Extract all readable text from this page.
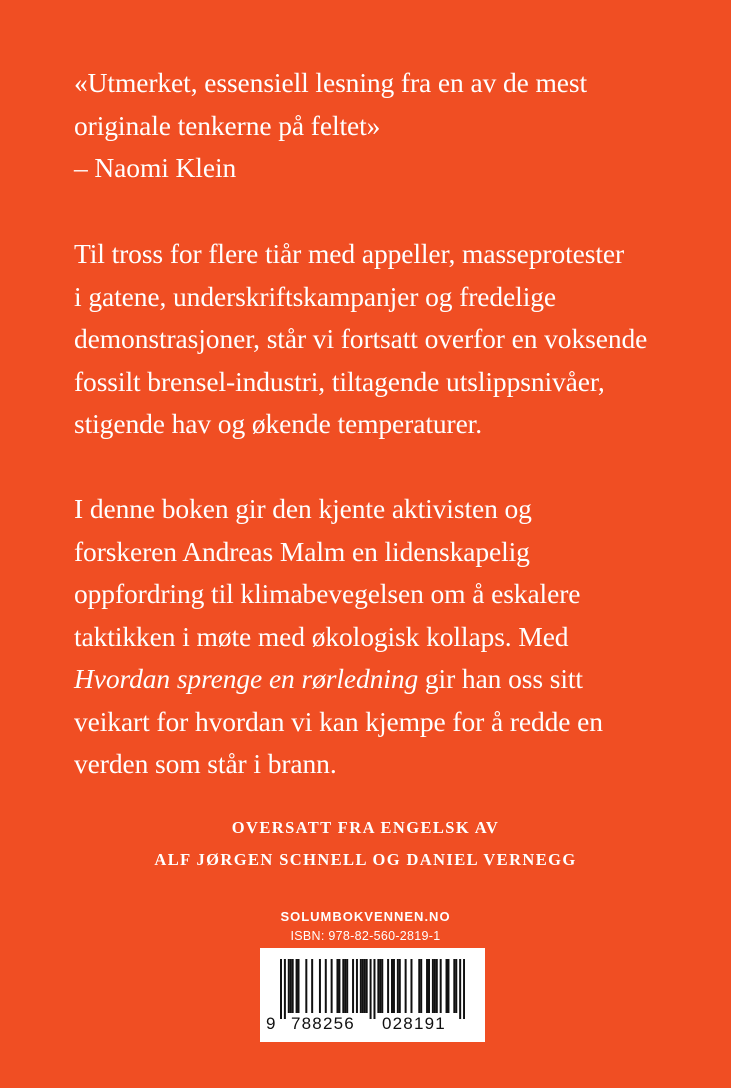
«Utmerket, essensiell lesning fra en av de mest
originale tenkerne på feltet»
– Naomi Klein
Til tross for flere tiår med appeller, masseprotester
i gatene, underskriftskampanjer og fredelige
demonstrasjoner, står vi fortsatt overfor en voksende
fossilt brensel-industri, tiltagende utslippsnivåer,
stigende hav og økende temperaturer.
I denne boken gir den kjente aktivisten og
forskeren Andreas Malm en lidenskapelig
oppfordring til klimabevegelsen om å eskalere
taktikken i møte med økologisk kollaps. Med
Hvordan sprenge en rørledning gir han oss sitt
veikart for hvordan vi kan kjempe for å redde en
verden som står i brann.
OVERSATT FRA ENGELSK AV
ALF JØRGEN SCHNELL OG DANIEL VERNEGG
SOLUMBOKVENNEN.NO
ISBN: 978-82-560-2819-1
9 788256 028191
